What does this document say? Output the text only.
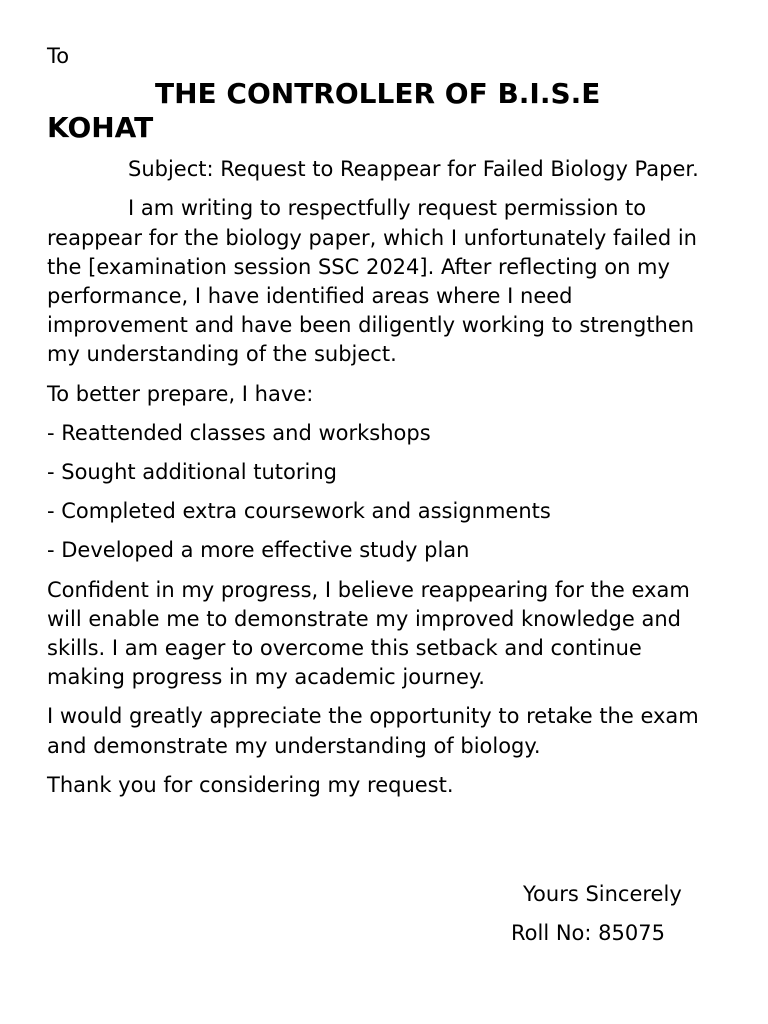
To

THE CONTROLLER OF B.I.S.E
KOHAT

Subject: Request to Reappear for Failed Biology Paper.

I am writing to respectfully request permission to reappear for the biology paper, which I unfortunately failed in the [examination session SSC 2024]. After reflecting on my performance, I have identified areas where I need improvement and have been diligently working to strengthen my understanding of the subject.

To better prepare, I have:

- Reattended classes and workshops

- Sought additional tutoring

- Completed extra coursework and assignments

- Developed a more effective study plan

Confident in my progress, I believe reappearing for the exam will enable me to demonstrate my improved knowledge and skills. I am eager to overcome this setback and continue making progress in my academic journey.

I would greatly appreciate the opportunity to retake the exam and demonstrate my understanding of biology.

Thank you for considering my request.

Yours Sincerely
Roll No: 85075
